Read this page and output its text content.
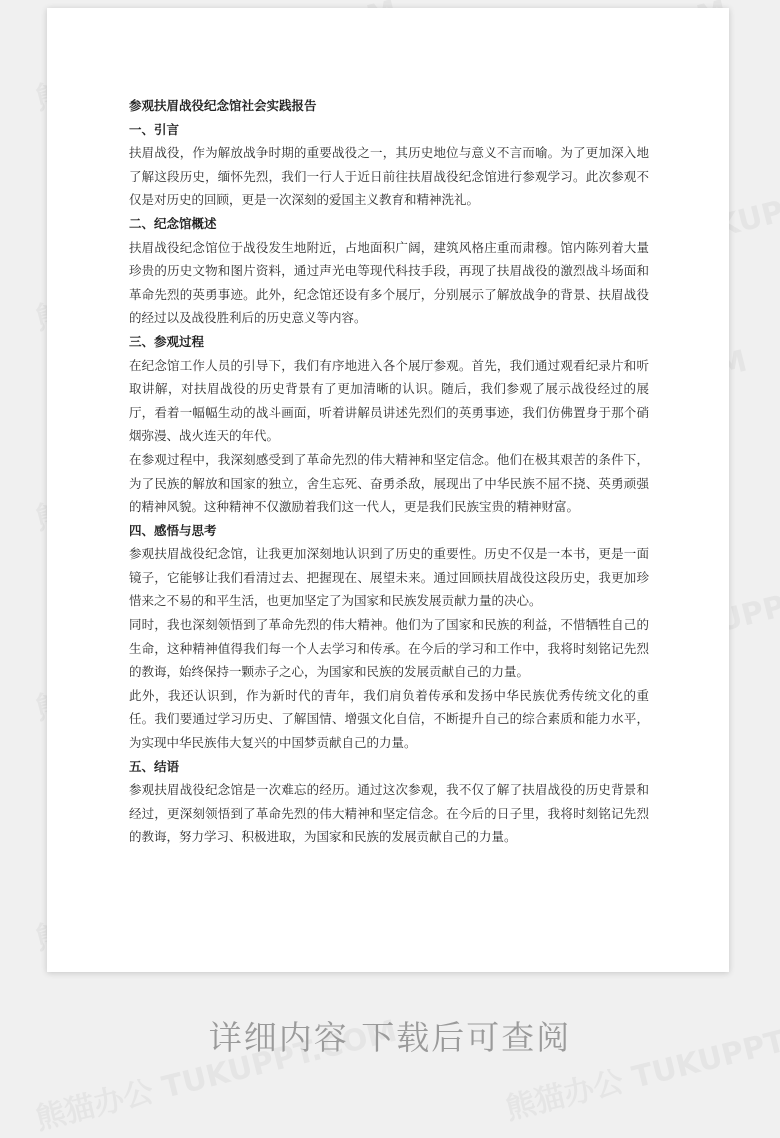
参观扶眉战役纪念馆社会实践报告

一、引言

扶眉战役，作为解放战争时期的重要战役之一，其历史地位与意义不言而喻。为了更加深入地了解这段历史，缅怀先烈，我们一行人于近日前往扶眉战役纪念馆进行参观学习。此次参观不仅是对历史的回顾，更是一次深刻的爱国主义教育和精神洗礼。

二、纪念馆概述

扶眉战役纪念馆位于战役发生地附近，占地面积广阔，建筑风格庄重而肃穆。馆内陈列着大量珍贵的历史文物和图片资料，通过声光电等现代科技手段，再现了扶眉战役的激烈战斗场面和革命先烈的英勇事迹。此外，纪念馆还设有多个展厅，分别展示了解放战争的背景、扶眉战役的经过以及战役胜利后的历史意义等内容。

三、参观过程

在纪念馆工作人员的引导下，我们有序地进入各个展厅参观。首先，我们通过观看纪录片和听取讲解，对扶眉战役的历史背景有了更加清晰的认识。随后，我们参观了展示战役经过的展厅，看着一幅幅生动的战斗画面，听着讲解员讲述先烈们的英勇事迹，我们仿佛置身于那个硝烟弥漫、战火连天的年代。

在参观过程中，我深刻感受到了革命先烈的伟大精神和坚定信念。他们在极其艰苦的条件下，为了民族的解放和国家的独立，舍生忘死、奋勇杀敌，展现出了中华民族不屈不挠、英勇顽强的精神风貌。这种精神不仅激励着我们这一代人，更是我们民族宝贵的精神财富。

四、感悟与思考

参观扶眉战役纪念馆，让我更加深刻地认识到了历史的重要性。历史不仅是一本书，更是一面镜子，它能够让我们看清过去、把握现在、展望未来。通过回顾扶眉战役这段历史，我更加珍惜来之不易的和平生活，也更加坚定了为国家和民族发展贡献力量的决心。

同时，我也深刻领悟到了革命先烈的伟大精神。他们为了国家和民族的利益，不惜牺牲自己的生命，这种精神值得我们每一个人去学习和传承。在今后的学习和工作中，我将时刻铭记先烈的教诲，始终保持一颗赤子之心，为国家和民族的发展贡献自己的力量。

此外，我还认识到，作为新时代的青年，我们肩负着传承和发扬中华民族优秀传统文化的重任。我们要通过学习历史、了解国情、增强文化自信，不断提升自己的综合素质和能力水平，为实现中华民族伟大复兴的中国梦贡献自己的力量。

五、结语

参观扶眉战役纪念馆是一次难忘的经历。通过这次参观，我不仅了解了扶眉战役的历史背景和经过，更深刻领悟到了革命先烈的伟大精神和坚定信念。在今后的日子里，我将时刻铭记先烈的教诲，努力学习、积极进取，为国家和民族的发展贡献自己的力量。

详细内容 下载后可查阅
